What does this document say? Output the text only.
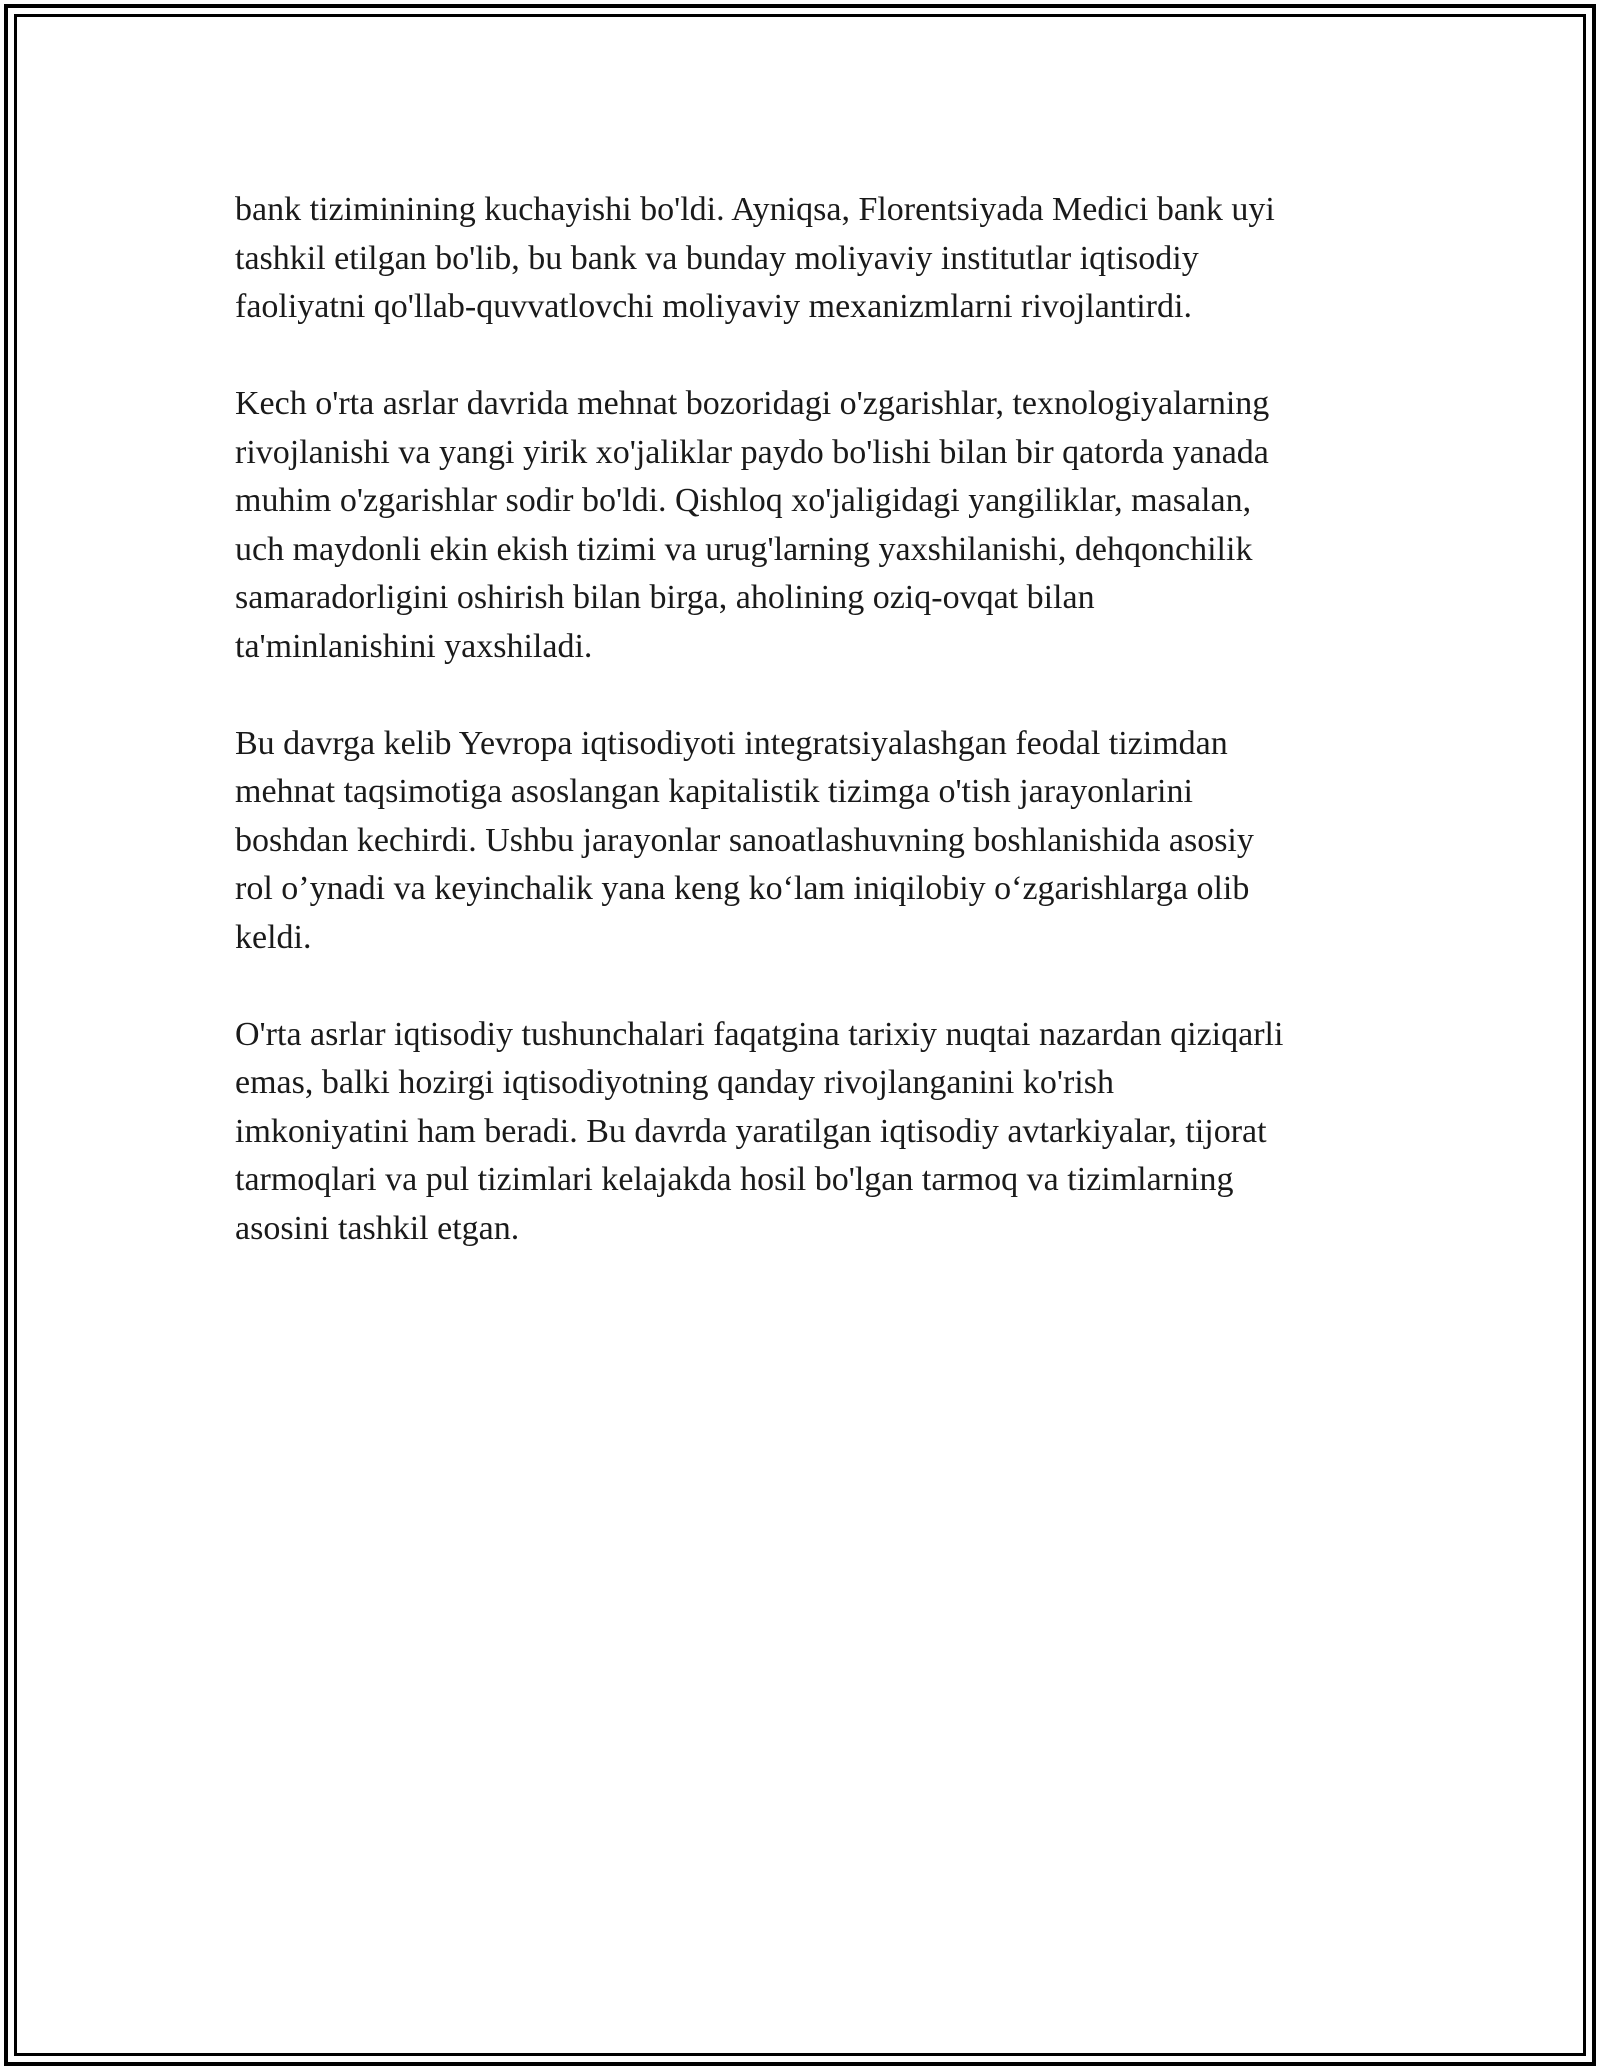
bank tiziminining kuchayishi bo'ldi. Ayniqsa, Florentsiyada Medici bank uyi
tashkil etilgan bo'lib, bu bank va bunday moliyaviy institutlar iqtisodiy
faoliyatni qo'llab-quvvatlovchi moliyaviy mexanizmlarni rivojlantirdi.

Kech o'rta asrlar davrida mehnat bozoridagi o'zgarishlar, texnologiyalarning
rivojlanishi va yangi yirik xo'jaliklar paydo bo'lishi bilan bir qatorda yanada
muhim o'zgarishlar sodir bo'ldi. Qishloq xo'jaligidagi yangiliklar, masalan,
uch maydonli ekin ekish tizimi va urug'larning yaxshilanishi, dehqonchilik
samaradorligini oshirish bilan birga, aholining oziq-ovqat bilan
ta'minlanishini yaxshiladi.

Bu davrga kelib Yevropa iqtisodiyoti integratsiyalashgan feodal tizimdan
mehnat taqsimotiga asoslangan kapitalistik tizimga o'tish jarayonlarini
boshdan kechirdi. Ushbu jarayonlar sanoatlashuvning boshlanishida asosiy
rol o’ynadi va keyinchalik yana keng ko‘lam iniqilobiy o‘zgarishlarga olib
keldi.

O'rta asrlar iqtisodiy tushunchalari faqatgina tarixiy nuqtai nazardan qiziqarli
emas, balki hozirgi iqtisodiyotning qanday rivojlanganini ko'rish
imkoniyatini ham beradi. Bu davrda yaratilgan iqtisodiy avtarkiyalar, tijorat
tarmoqlari va pul tizimlari kelajakda hosil bo'lgan tarmoq va tizimlarning
asosini tashkil etgan.
